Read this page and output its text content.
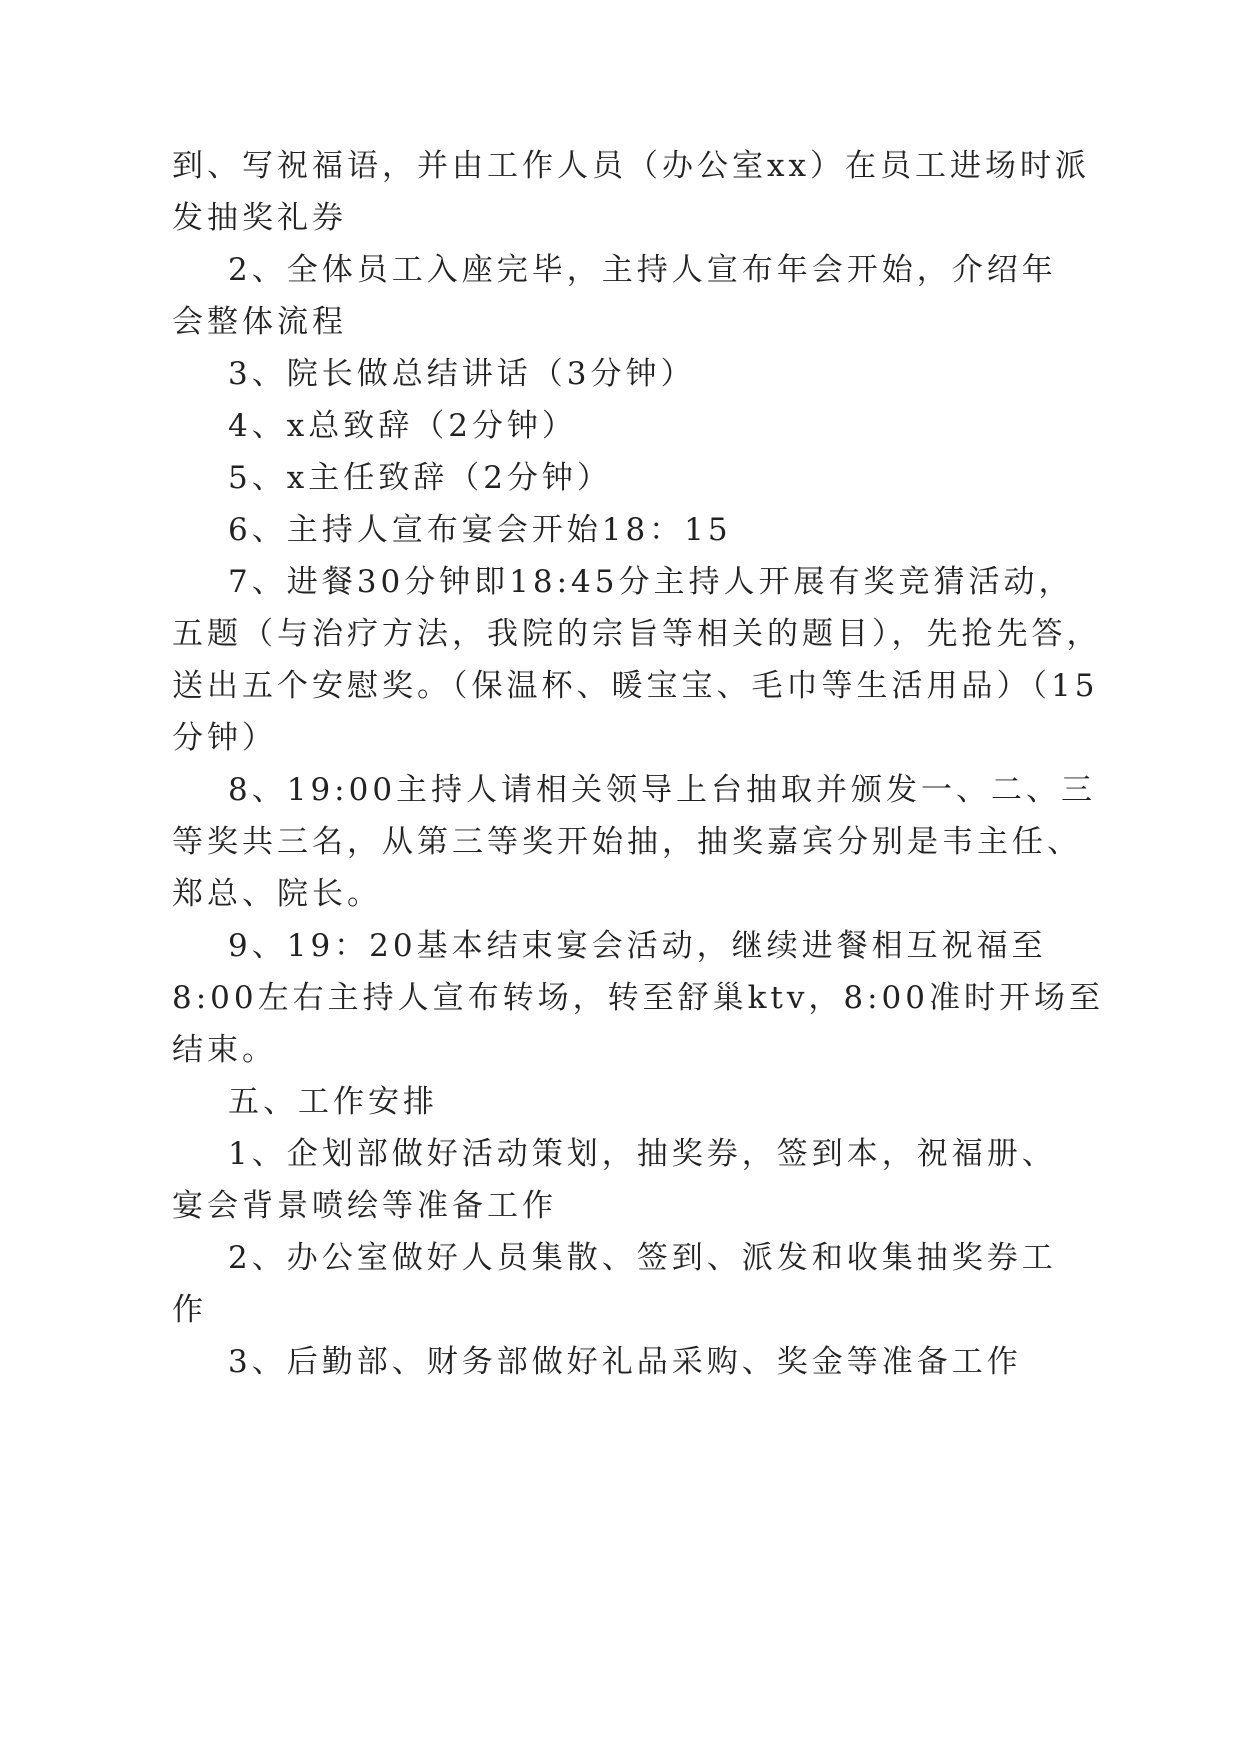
到、写祝福语，并由工作人员（办公室xx）在员工进场时派
发抽奖礼券
2、全体员工入座完毕，主持人宣布年会开始，介绍年
会整体流程
3、院长做总结讲话（3分钟）
4、x总致辞（2分钟）
5、x主任致辞（2分钟）
6、主持人宣布宴会开始18：15
7、进餐30分钟即18:45分主持人开展有奖竞猜活动，
五题（与治疗方法，我院的宗旨等相关的题目），先抢先答，
送出五个安慰奖。（保温杯、暖宝宝、毛巾等生活用品）（15
分钟）
8、19:00主持人请相关领导上台抽取并颁发一、二、三
等奖共三名，从第三等奖开始抽，抽奖嘉宾分别是韦主任、
郑总、院长。
9、19：20基本结束宴会活动，继续进餐相互祝福至
8:00左右主持人宣布转场，转至舒巢ktv，8:00准时开场至
结束。
五、工作安排
1、企划部做好活动策划，抽奖券，签到本，祝福册、
宴会背景喷绘等准备工作
2、办公室做好人员集散、签到、派发和收集抽奖券工
作
3、后勤部、财务部做好礼品采购、奖金等准备工作
